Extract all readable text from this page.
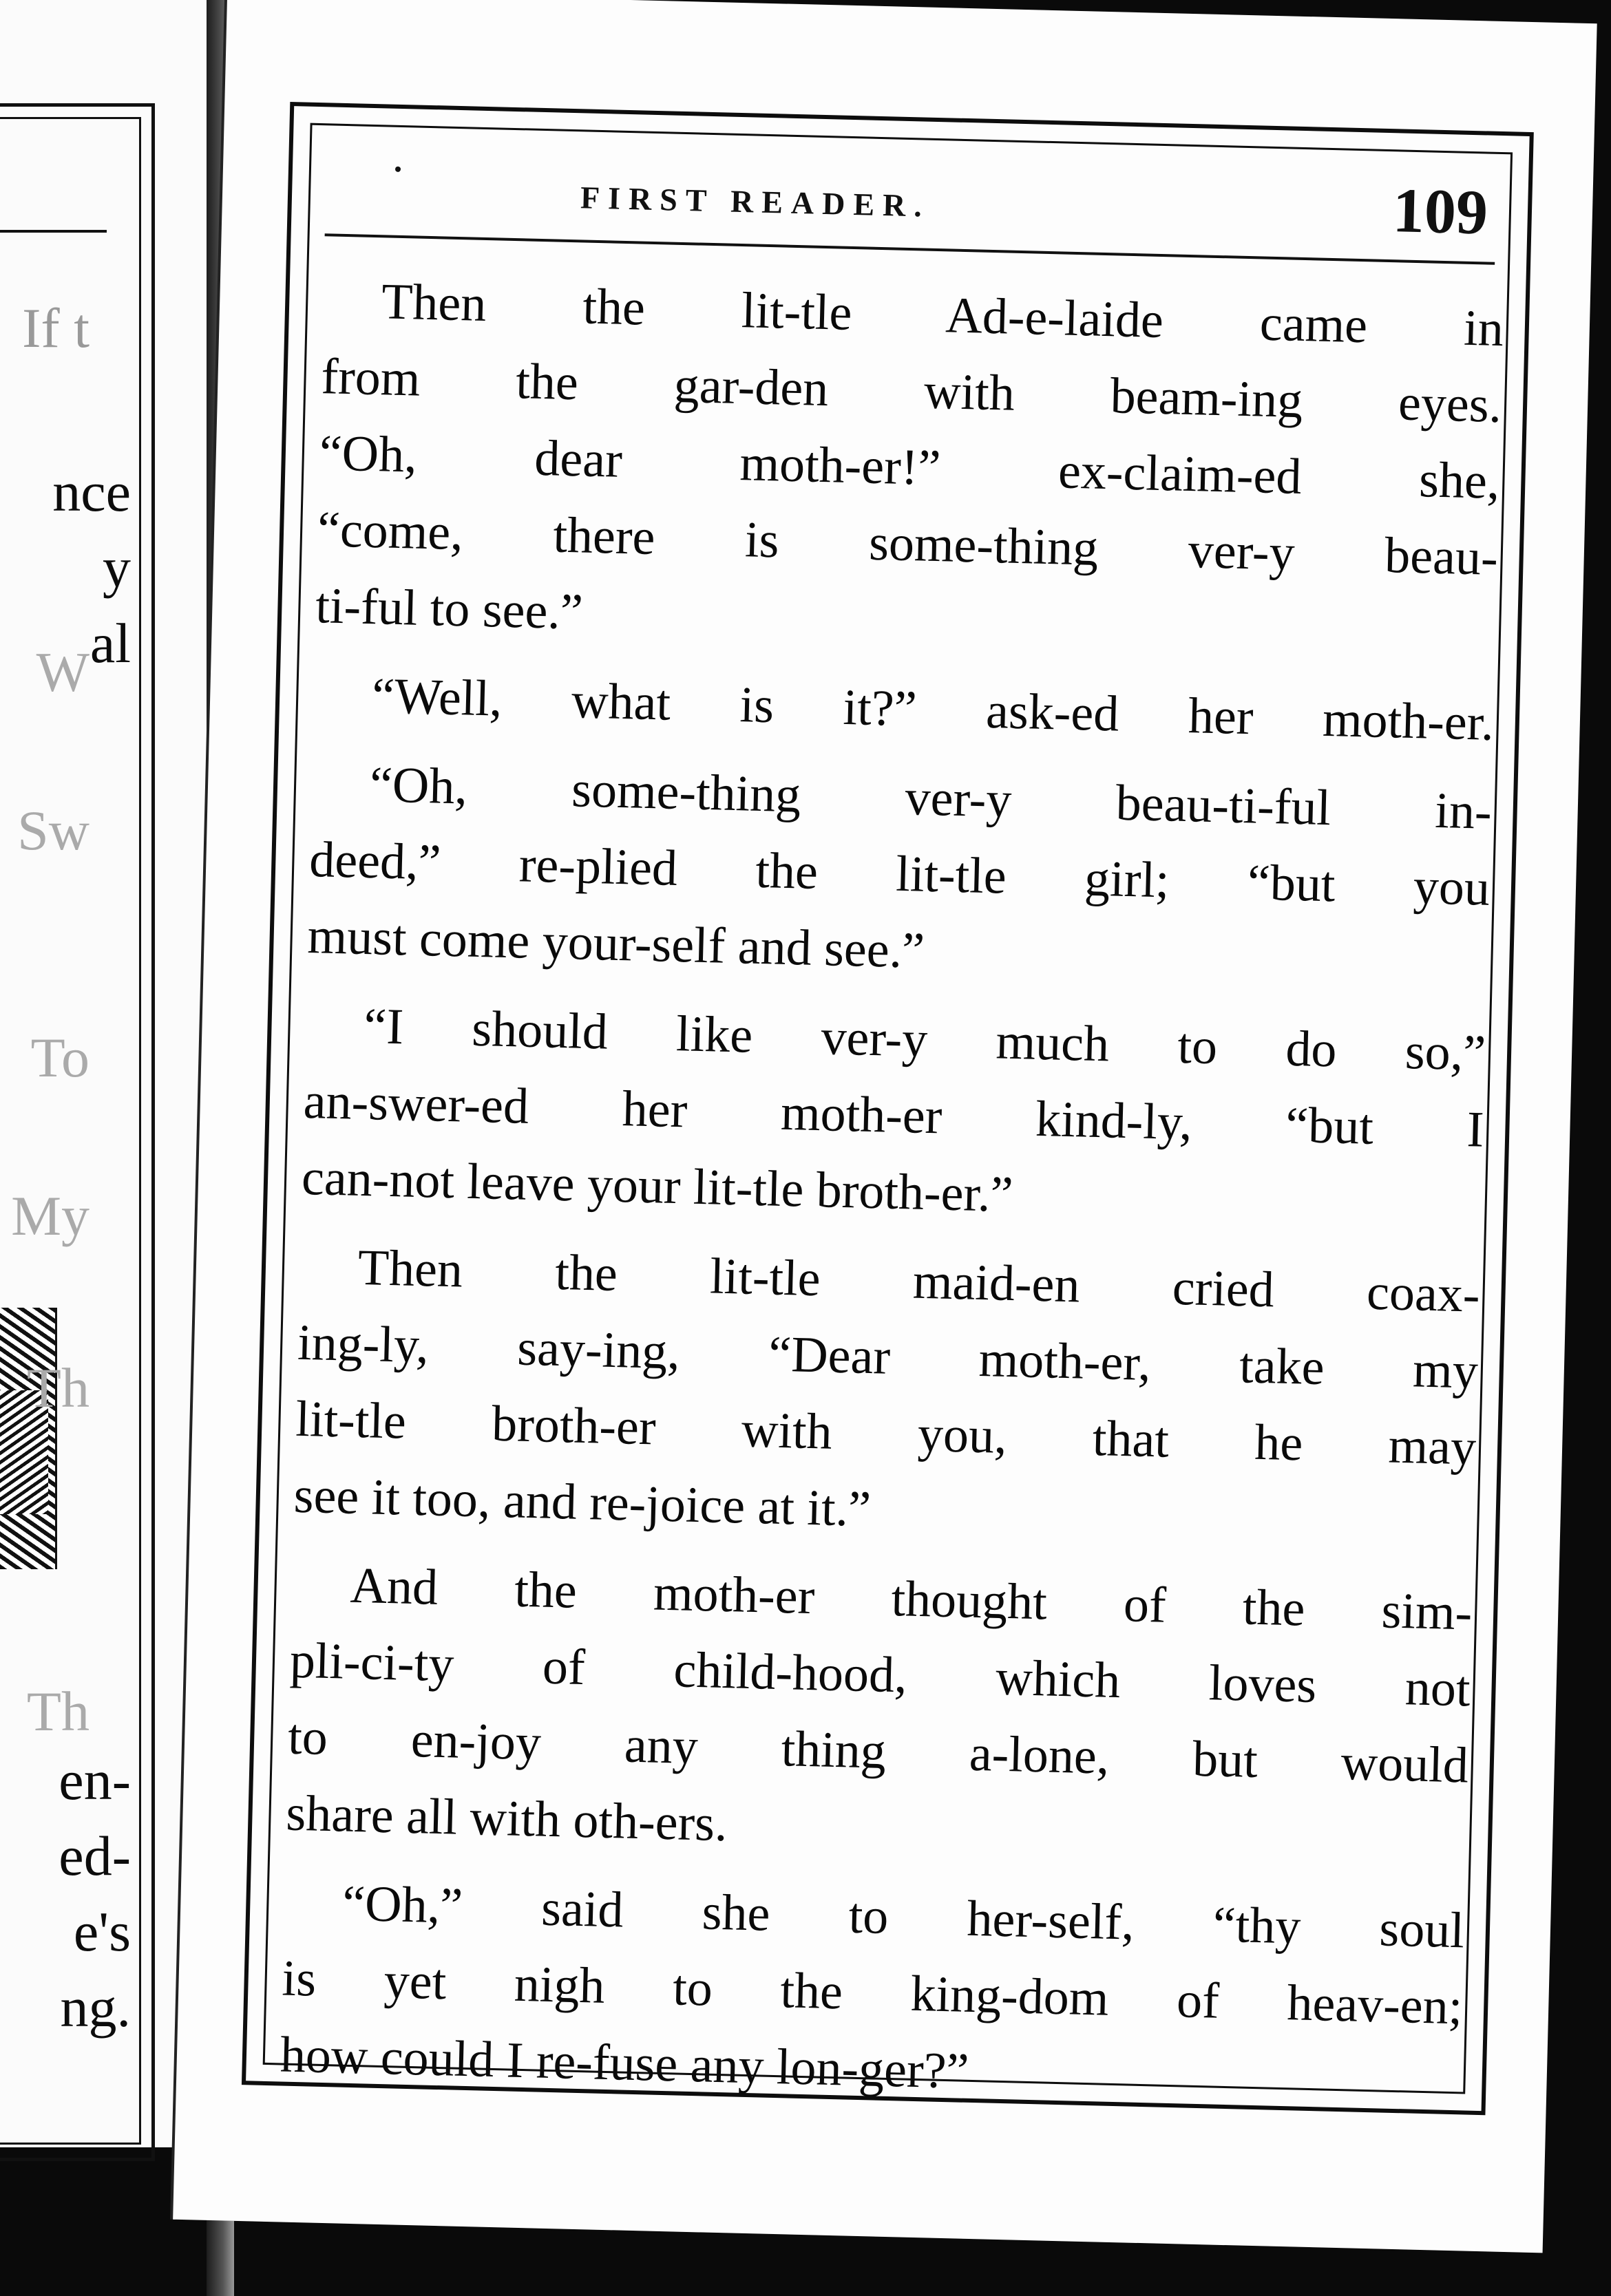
If t
nce
y
al
W
Sw
To
My
Th
Th
en-
ed-
e's
ng.
FIRST READER.	109
Then the lit-tle Ad-e-laide came in
from the gar-den with beam-ing eyes.
“Oh, dear moth-er!” ex-claim-ed she,
“come, there is some-thing ver-y beau-
ti-ful to see.”
“Well, what is it?” ask-ed her moth-er.
“Oh, some-thing ver-y beau-ti-ful in-
deed,” re-plied the lit-tle girl; “but you
must come your-self and see.”
“I should like ver-y much to do so,”
an-swer-ed her moth-er kind-ly, “but I
can-not leave your lit-tle broth-er.”
Then the lit-tle maid-en cried coax-
ing-ly, say-ing, “Dear moth-er, take my
lit-tle broth-er with you, that he may
see it too, and re-joice at it.”
And the moth-er thought of the sim-
pli-ci-ty of child-hood, which loves not
to en-joy any thing a-lone, but would
share all with oth-ers.
“Oh,” said she to her-self, “thy soul
is yet nigh to the king-dom of heav-en;
how could I re-fuse any lon-ger?”
